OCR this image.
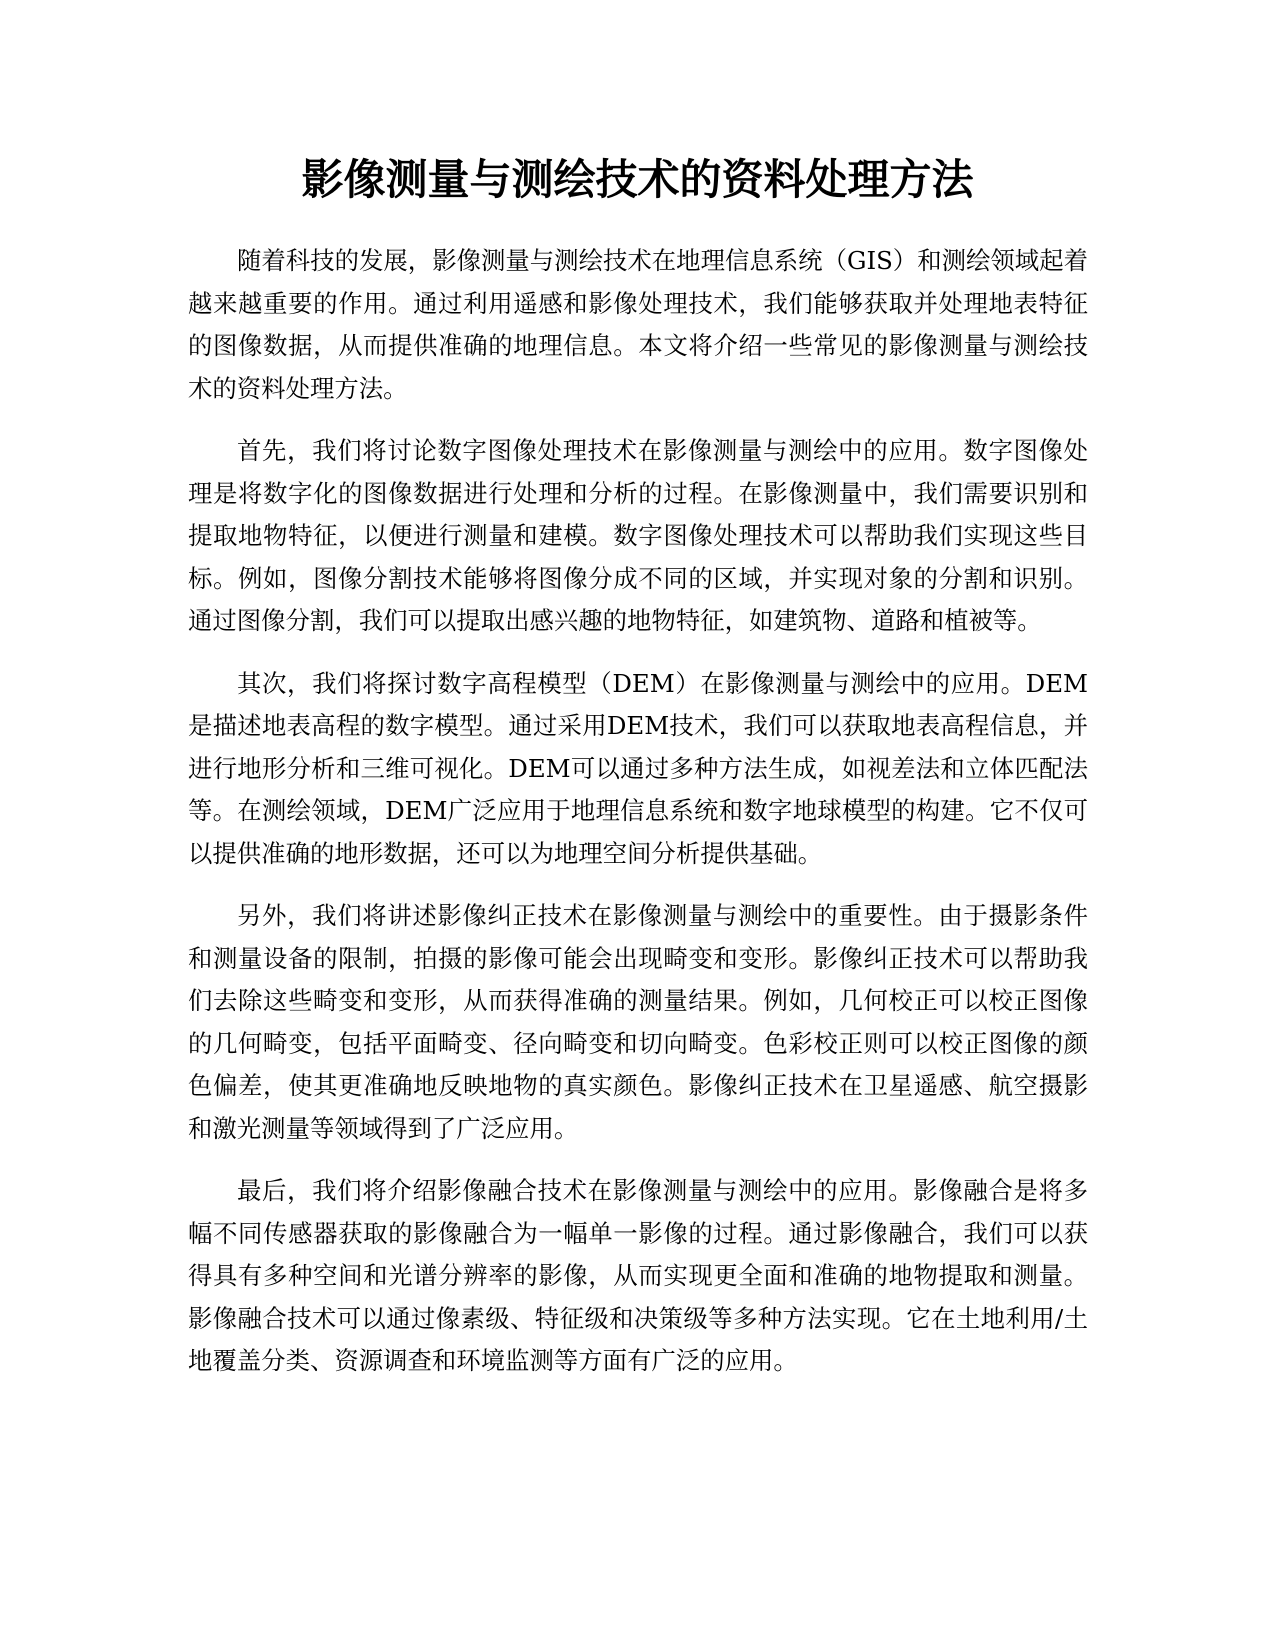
影像测量与测绘技术的资料处理方法

随着科技的发展，影像测量与测绘技术在地理信息系统（GIS）和测绘领域起着越来越重要的作用。通过利用遥感和影像处理技术，我们能够获取并处理地表特征的图像数据，从而提供准确的地理信息。本文将介绍一些常见的影像测量与测绘技术的资料处理方法。

首先，我们将讨论数字图像处理技术在影像测量与测绘中的应用。数字图像处理是将数字化的图像数据进行处理和分析的过程。在影像测量中，我们需要识别和提取地物特征，以便进行测量和建模。数字图像处理技术可以帮助我们实现这些目标。例如，图像分割技术能够将图像分成不同的区域，并实现对象的分割和识别。通过图像分割，我们可以提取出感兴趣的地物特征，如建筑物、道路和植被等。

其次，我们将探讨数字高程模型（DEM）在影像测量与测绘中的应用。DEM是描述地表高程的数字模型。通过采用DEM技术，我们可以获取地表高程信息，并进行地形分析和三维可视化。DEM可以通过多种方法生成，如视差法和立体匹配法等。在测绘领域，DEM广泛应用于地理信息系统和数字地球模型的构建。它不仅可以提供准确的地形数据，还可以为地理空间分析提供基础。

另外，我们将讲述影像纠正技术在影像测量与测绘中的重要性。由于摄影条件和测量设备的限制，拍摄的影像可能会出现畸变和变形。影像纠正技术可以帮助我们去除这些畸变和变形，从而获得准确的测量结果。例如，几何校正可以校正图像的几何畸变，包括平面畸变、径向畸变和切向畸变。色彩校正则可以校正图像的颜色偏差，使其更准确地反映地物的真实颜色。影像纠正技术在卫星遥感、航空摄影和激光测量等领域得到了广泛应用。

最后，我们将介绍影像融合技术在影像测量与测绘中的应用。影像融合是将多幅不同传感器获取的影像融合为一幅单一影像的过程。通过影像融合，我们可以获得具有多种空间和光谱分辨率的影像，从而实现更全面和准确的地物提取和测量。影像融合技术可以通过像素级、特征级和决策级等多种方法实现。它在土地利用/土地覆盖分类、资源调查和环境监测等方面有广泛的应用。
